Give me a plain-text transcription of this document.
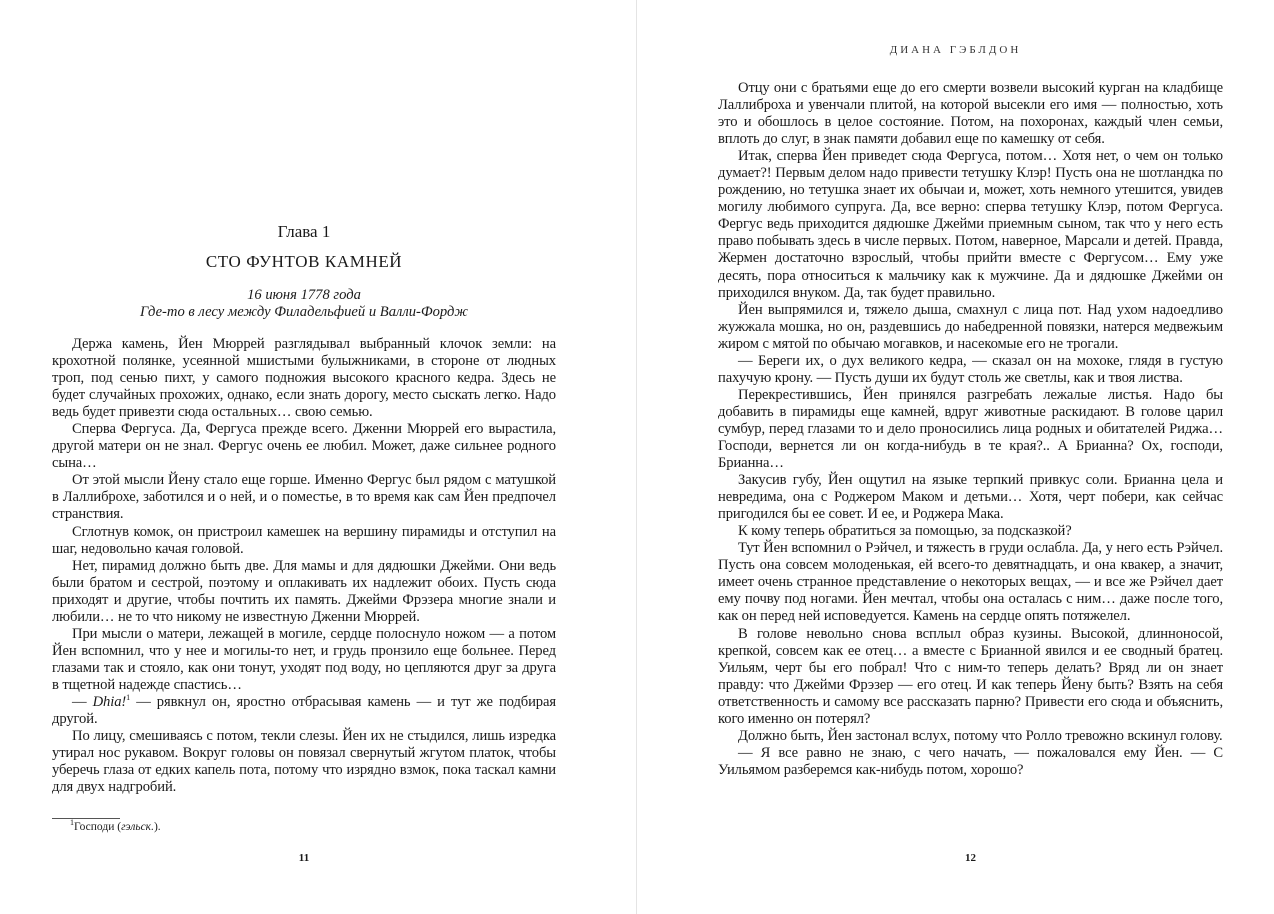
Глава 1
СТО ФУНТОВ КАМНЕЙ
16 июня 1778 года
Где-то в лесу между Филадельфией и Валли-Фордж

Держа камень, Йен Мюррей разглядывал выбранный клочок земли: на крохотной полянке, усеянной мшистыми булыжниками, в стороне от людных троп, под сенью пихт, у самого подножия высокого красного кедра. Здесь не будет случайных прохожих, однако, если знать дорогу, место сыскать легко. Надо ведь будет привезти сюда остальных… свою семью.

Сперва Фергуса. Да, Фергуса прежде всего. Дженни Мюррей его вырастила, другой матери он не знал. Фергус очень ее любил. Может, даже сильнее родного сына…

От этой мысли Йену стало еще горше. Именно Фергус был рядом с матушкой в Лаллиброхе, заботился и о ней, и о поместье, в то время как сам Йен предпочел странствия.

Сглотнув комок, он пристроил камешек на вершину пирамиды и отступил на шаг, недовольно качая головой.

Нет, пирамид должно быть две. Для мамы и для дядюшки Джейми. Они ведь были братом и сестрой, поэтому и оплакивать их надлежит обоих. Пусть сюда приходят и другие, чтобы почтить их память. Джейми Фрэзера многие знали и любили… не то что никому не известную Дженни Мюррей.

При мысли о матери, лежащей в могиле, сердце полоснуло ножом — а потом Йен вспомнил, что у нее и могилы-то нет, и грудь пронзило еще больнее. Перед глазами так и стояло, как они тонут, уходят под воду, но цепляются друг за друга в тщетной надежде спастись…

— Dhia!$^1$ — рявкнул он, яростно отбрасывая камень — и тут же подбирая другой.

По лицу, смешиваясь с потом, текли слезы. Йен их не стыдился, лишь изредка утирал нос рукавом. Вокруг головы он повязал свернутый жгутом платок, чтобы уберечь глаза от едких капель пота, потому что изрядно взмок, пока таскал камни для двух надгробий.

$^1$Господи (гэльск.).
11
ДИАНА ГЭБЛДОН

Отцу они с братьями еще до его смерти возвели высокий курган на кладбище Лаллиброха и увенчали плитой, на которой высекли его имя — полностью, хоть это и обошлось в целое состояние. Потом, на похоронах, каждый член семьи, вплоть до слуг, в знак памяти добавил еще по камешку от себя.

Итак, сперва Йен приведет сюда Фергуса, потом… Хотя нет, о чем он только думает?! Первым делом надо привести тетушку Клэр! Пусть она не шотландка по рождению, но тетушка знает их обычаи и, может, хоть немного утешится, увидев могилу любимого супруга. Да, все верно: сперва тетушку Клэр, потом Фергуса. Фергус ведь приходится дядюшке Джейми приемным сыном, так что у него есть право побывать здесь в числе первых. Потом, наверное, Марсали и детей. Правда, Жермен достаточно взрослый, чтобы прийти вместе с Фергусом… Ему уже десять, пора относиться к мальчику как к мужчине. Да и дядюшке Джейми он приходился внуком. Да, так будет правильно.

Йен выпрямился и, тяжело дыша, смахнул с лица пот. Над ухом надоедливо жужжала мошка, но он, раздевшись до набедренной повязки, натерся медвежьим жиром с мятой по обычаю могавков, и насекомые его не трогали.

— Береги их, о дух великого кедра, — сказал он на мохоке, глядя в густую пахучую крону. — Пусть души их будут столь же светлы, как и твоя листва.

Перекрестившись, Йен принялся разгребать лежалые листья. Надо бы добавить в пирамиды еще камней, вдруг животные раскидают. В голове царил сумбур, перед глазами то и дело проносились лица родных и обитателей Риджа… Господи, вернется ли он когда-нибудь в те края?.. А Брианна? Ох, господи, Брианна…

Закусив губу, Йен ощутил на языке терпкий привкус соли. Брианна цела и невредима, она с Роджером Маком и детьми… Хотя, черт побери, как сейчас пригодился бы ее совет. И ее, и Роджера Мака.

К кому теперь обратиться за помощью, за подсказкой?

Тут Йен вспомнил о Рэйчел, и тяжесть в груди ослабла. Да, у него есть Рэйчел. Пусть она совсем молоденькая, ей всего-то девятнадцать, и она квакер, а значит, имеет очень странное представление о некоторых вещах, — и все же Рэйчел дает ему почву под ногами. Йен мечтал, чтобы она осталась с ним… даже после того, как он перед ней исповедуется. Камень на сердце опять потяжелел.

В голове невольно снова всплыл образ кузины. Высокой, длинноносой, крепкой, совсем как ее отец… а вместе с Брианной явился и ее сводный братец. Уильям, черт бы его побрал! Что с ним-то теперь делать? Вряд ли он знает правду: что Джейми Фрэзер — его отец. И как теперь Йену быть? Взять на себя ответственность и самому все рассказать парню? Привести его сюда и объяснить, кого именно он потерял?

Должно быть, Йен застонал вслух, потому что Ролло тревожно вскинул голову.

— Я все равно не знаю, с чего начать, — пожаловался ему Йен. — С Уильямом разберемся как-нибудь потом, хорошо?

12
